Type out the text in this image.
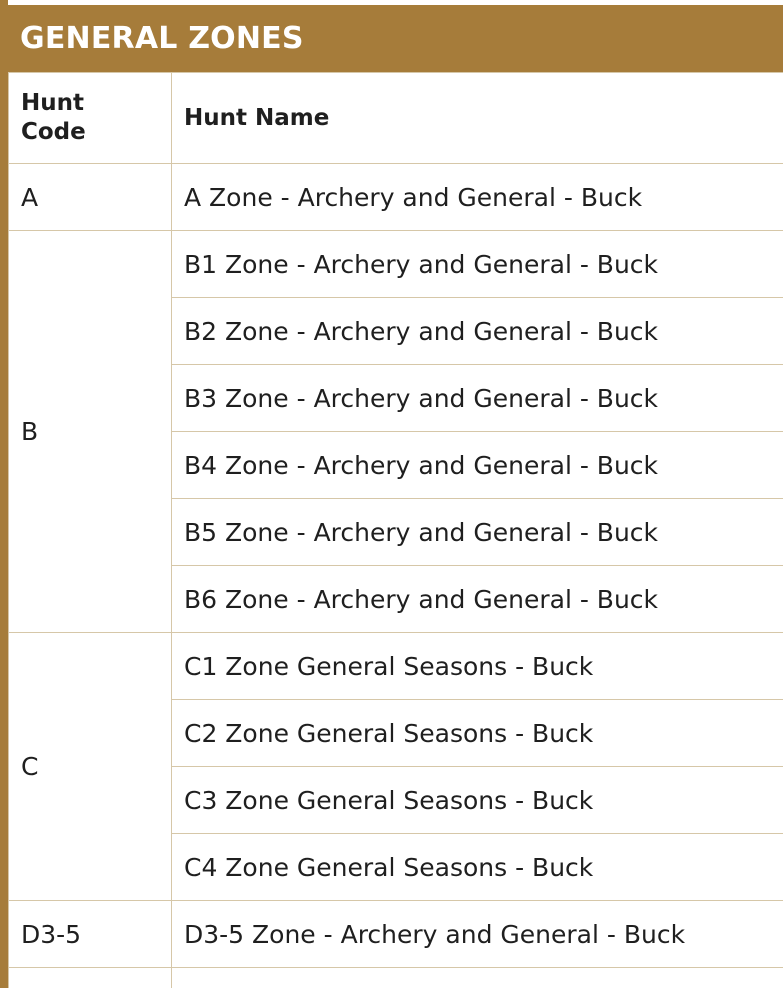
GENERAL ZONES
Hunt Code	Hunt Name
A	A Zone - Archery and General - Buck
B	B1 Zone - Archery and General - Buck
	B2 Zone - Archery and General - Buck
	B3 Zone - Archery and General - Buck
	B4 Zone - Archery and General - Buck
	B5 Zone - Archery and General - Buck
	B6 Zone - Archery and General - Buck
C	C1 Zone General Seasons - Buck
	C2 Zone General Seasons - Buck
	C3 Zone General Seasons - Buck
	C4 Zone General Seasons - Buck
D3-5	D3-5 Zone - Archery and General - Buck
